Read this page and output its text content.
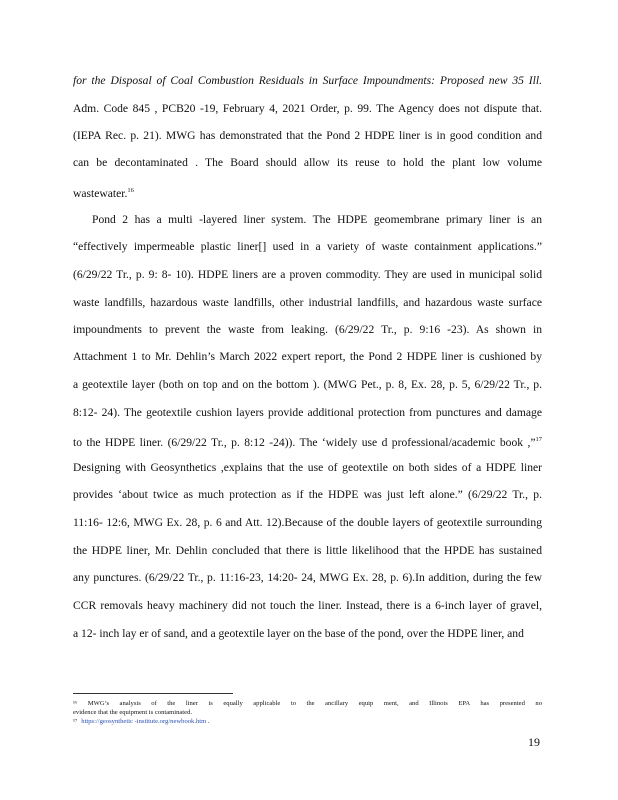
for the Disposal of Coal Combustion Residuals in Surface Impoundments: Proposed new 35 Ill.
Adm. Code 845 , PCB20 -19, February 4, 2021 Order, p. 99. The Agency does not dispute that.
(IEPA Rec. p. 21). MWG has demonstrated that the Pond 2 HDPE liner is in good condition and
can be decontaminated . The Board should allow its reuse to hold the plant low volume
wastewater.$^{16}$
Pond 2 has a multi -layered liner system. The HDPE geomembrane primary liner is an
“effectively impermeable plastic liner[] used in a variety of waste containment applications.”
(6/29/22 Tr., p. 9: 8- 10). HDPE liners are a proven commodity. They are used in municipal solid
waste landfills, hazardous waste landfills, other industrial landfills, and hazardous waste surface
impoundments to prevent the waste from leaking. (6/29/22 Tr., p. 9:16 -23). As shown in
Attachment 1 to Mr. Dehlin’s March 2022 expert report, the Pond 2 HDPE liner is cushioned by
a geotextile layer (both on top and on the bottom ). (MWG Pet., p. 8, Ex. 28, p. 5, 6/29/22 Tr., p.
8:12- 24). The geotextile cushion layers provide additional protection from punctures and damage
to the HDPE liner. (6/29/22 Tr., p. 8:12 -24)). The ‘widely use d professional/academic book ,”$^{17}$
Designing with Geosynthetics ,explains that the use of geotextile on both sides of a HDPE liner
provides ‘about twice as much protection as if the HDPE was just left alone.” (6/29/22 Tr., p.
11:16- 12:6, MWG Ex. 28, p. 6 and Att. 12).Because of the double layers of geotextile surrounding
the HDPE liner, Mr. Dehlin concluded that there is little likelihood that the HPDE has sustained
any punctures. (6/29/22 Tr., p. 11:16-23, 14:20- 24, MWG Ex. 28, p. 6).In addition, during the few
CCR removals heavy machinery did not touch the liner. Instead, there is a 6-inch layer of gravel,
a 12- inch lay er of sand, and a geotextile layer on the base of the pond, over the HDPE liner, and
¹⁶ MWG’s analysis of the liner is equally applicable to the ancillary equip ment, and Illinois EPA has presented no
evidence that the equipment is contaminated.
¹⁷ https://geosynthetic -institute.org/newbook.htm .
19
